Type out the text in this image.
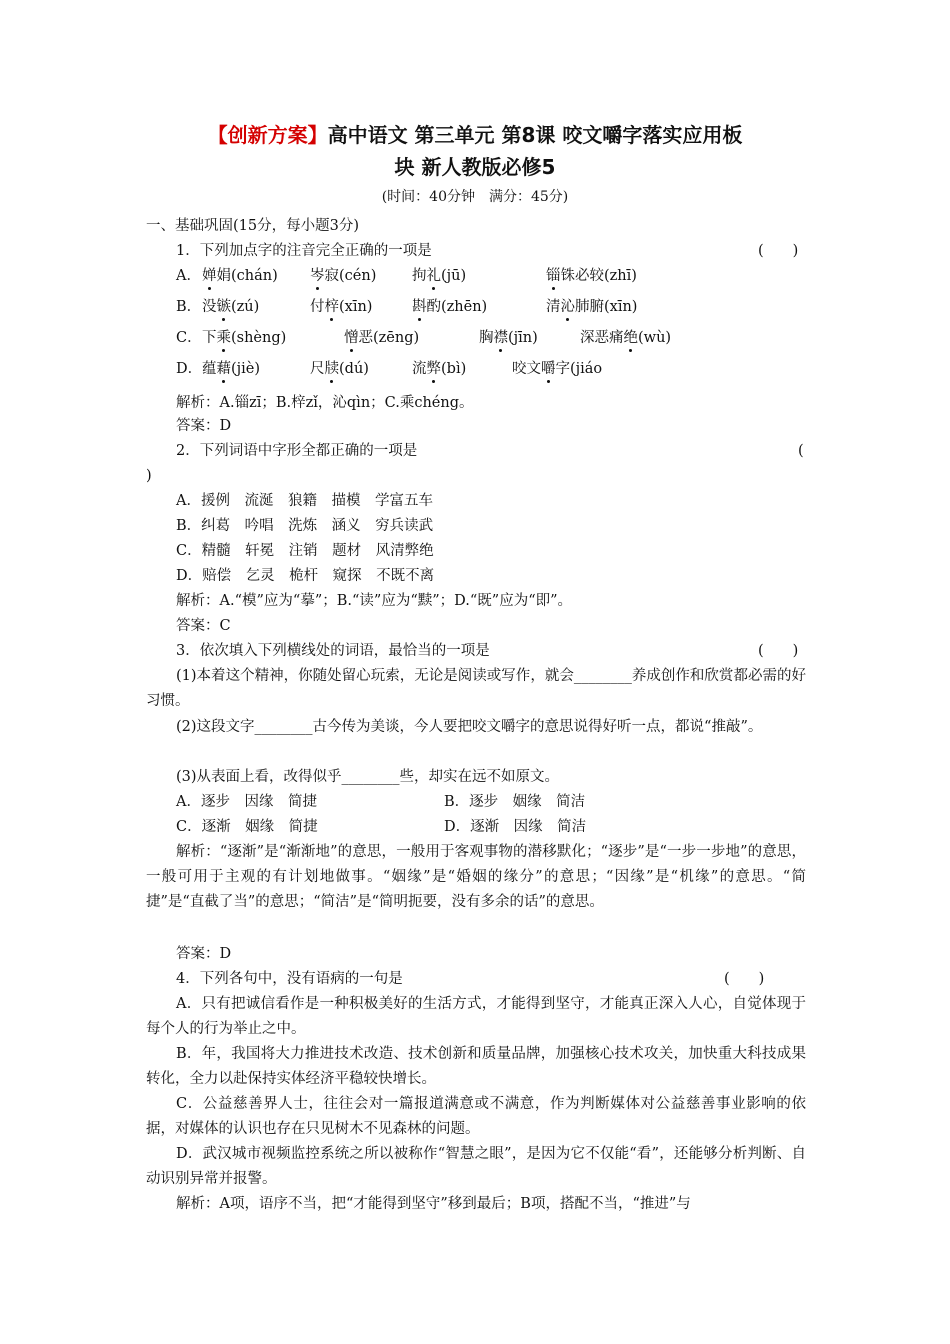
【创新方案】高中语文 第三单元 第8课 咬文嚼字落实应用板
块 新人教版必修5
(时间：40分钟　满分：45分)
一、基础巩固(15分，每小题3分)
1．下列加点字的注音完全正确的一项是	(　　)
A． 婵娟(chán) 岑寂(cén) 拘礼(jū)	锱铢必较(zhī)
B． 没镞(zú)	付梓(xīn)	斟酌(zhēn)	清沁肺腑(xīn)
C． 下乘(shèng)	憎恶(zēng)	胸襟(jīn)	深恶痛绝(wù)
D． 蕴藉(jiè)	尺牍(dú)	流弊(bì)	咬文嚼字(jiáo
解析：A.锱zī；B.梓zǐ，沁qìn；C.乘chéng。
答案：D
2．下列词语中字形全都正确的一项是	(
)
A．援例　流涎　狼籍　描模　学富五车
B．纠葛　吟唱　洗炼　涵义　穷兵读武
C．精髓　轩冕　注销　题材　风清弊绝
D．赔偿　乞灵　桅杆　窥探　不既不离
解析：A.“模”应为“摹”；B.“读”应为“黩”；D.“既”应为“即”。
答案：C
3．依次填入下列横线处的词语，最恰当的一项是	(　　)
(1)本着这个精神，你随处留心玩索，无论是阅读或写作，就会________养成创作和欣赏都必需的好习惯。
(2)这段文字________古今传为美谈，今人要把咬文嚼字的意思说得好听一点，都说“推敲”。
(3)从表面上看，改得似乎________些，却实在远不如原文。
A．逐步　因缘　简捷	B．逐步　姻缘　简洁
C．逐渐　姻缘　简捷	D．逐渐　因缘　简洁
解析：“逐渐”是“渐渐地”的意思，一般用于客观事物的潜移默化；“逐步”是“一步一步地”的意思，一般可用于主观的有计划地做事。“姻缘”是“婚姻的缘分”的意思；“因缘”是“机缘”的意思。“简捷”是“直截了当”的意思；“简洁”是“简明扼要，没有多余的话”的意思。
答案：D
4．下列各句中，没有语病的一句是	(　　)
A．只有把诚信看作是一种积极美好的生活方式，才能得到坚守，才能真正深入人心，自觉体现于每个人的行为举止之中。
B．年，我国将大力推进技术改造、技术创新和质量品牌，加强核心技术攻关，加快重大科技成果转化，全力以赴保持实体经济平稳较快增长。
C．公益慈善界人士，往往会对一篇报道满意或不满意，作为判断媒体对公益慈善事业影响的依据，对媒体的认识也存在只见树木不见森林的问题。
D．武汉城市视频监控系统之所以被称作“智慧之眼”，是因为它不仅能“看”，还能够分析判断、自动识别异常并报警。
解析：A项，语序不当，把“才能得到坚守”移到最后；B项，搭配不当，“推进”与
